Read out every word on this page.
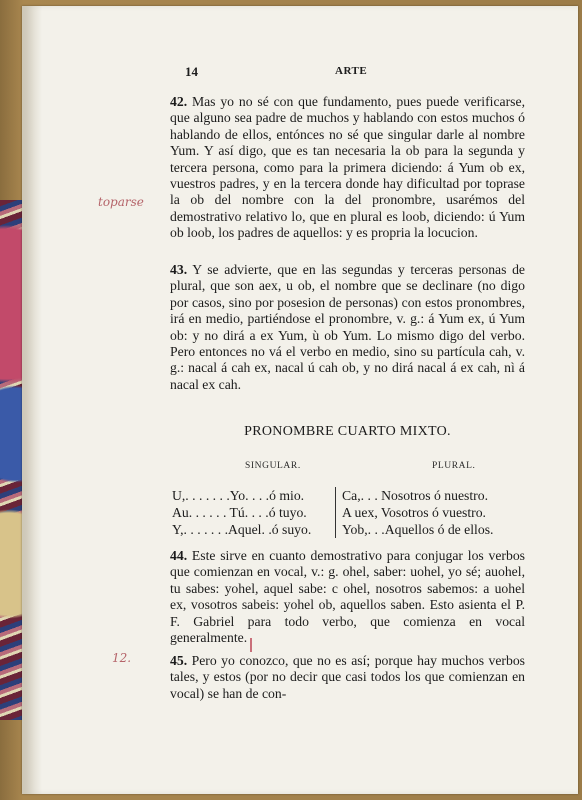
14	ARTE
42. Mas yo no sé con que fundamento, pues puede verificarse, que alguno sea padre de muchos y hablando con estos muchos ó hablando de ellos, entónces no sé que singular darle al nombre Yum. Y así digo, que es tan necesaria la ob para la segunda y tercera persona, como para la primera diciendo: á Yum ob ex, vuestros padres, y en la tercera donde hay dificultad por toprase la ob del nombre con la del pronombre, usarémos del demostrativo relativo lo, que en plural es loob, diciendo: ú Yum ob loob, los padres de aquellos: y es propria la locucion.
43. Y se advierte, que en las segundas y terceras personas de plural, que son aex, u ob, el nombre que se declinare (no digo por casos, sino por posesion de personas) con estos pronombres, irá en medio, partiéndose el pronombre, v. g.: á Yum ex, ú Yum ob: y no dirá a ex Yum, ù ob Yum. Lo mismo digo del verbo. Pero entonces no vá el verbo en medio, sino su partícula cah, v. g.: nacal á cah ex, nacal ú cah ob, y no dirá nacal á ex cah, nì á nacal ex cah.
PRONOMBRE CUARTO MIXTO.
SINGULAR.	PLURAL.
U,. . . . . . .Yo. . . .ó mio.	Ca,. . . Nosotros ó nuestro.
Au. . . . . . Tú. . . .ó tuyo.	A uex, Vosotros ó vuestro.
Y,. . . . . . .Aquel. .ó suyo.	Yob,. . .Aquellos ó de ellos.
44. Este sirve en cuanto demostrativo para conjugar los verbos que comienzan en vocal, v.: g. ohel, saber: uohel, yo sé; auohel, tu sabes: yohel, aquel sabe: c ohel, nosotros sabemos: a uohel ex, vosotros sabeis: yohel ob, aquellos saben. Esto asienta el P. F. Gabriel para todo verbo, que comienza en vocal generalmente.
45. Pero yo conozco, que no es así; porque hay muchos verbos tales, y estos (por no decir que casi todos los que comienzan en vocal) se han de con-
toparse
12.
